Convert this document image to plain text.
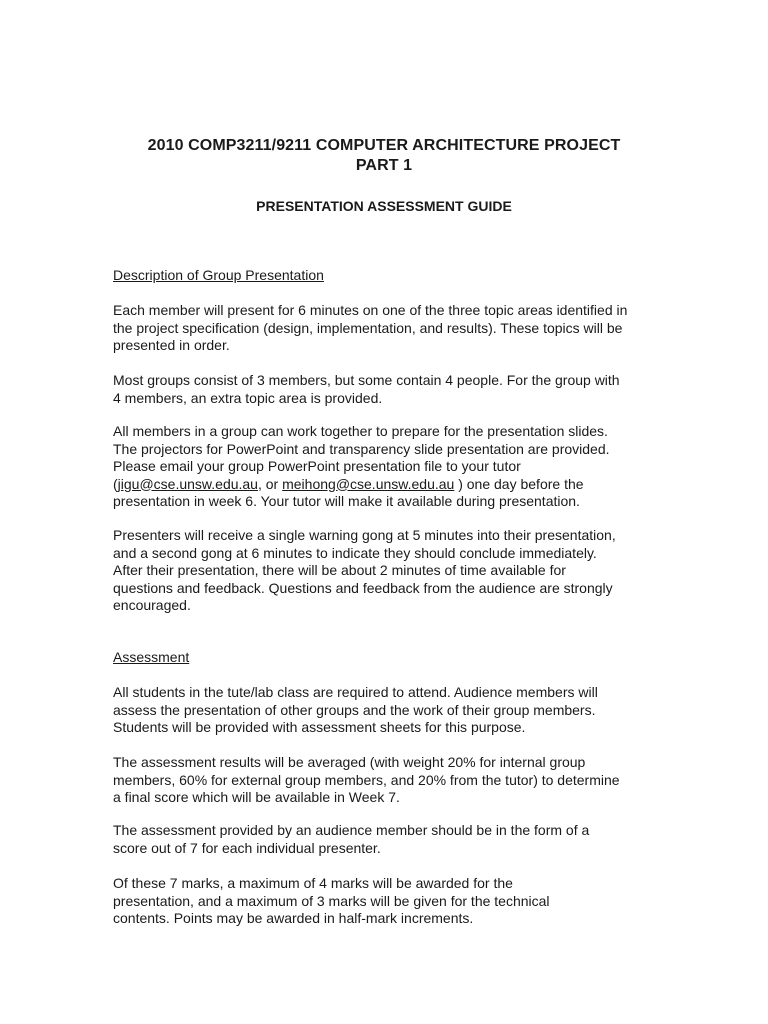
2010 COMP3211/9211 COMPUTER ARCHITECTURE PROJECT
PART 1
PRESENTATION ASSESSMENT GUIDE
Description of Group Presentation
Each member will present for 6 minutes on one of the three topic areas identified in
the project specification (design, implementation, and results). These topics will be
presented in order.
Most groups consist of 3 members, but some contain 4 people. For the group with
4 members, an extra topic area is provided.
All members in a group can work together to prepare for the presentation slides.
The projectors for PowerPoint and transparency slide presentation are provided.
Please email your group PowerPoint presentation file to your tutor
(jigu@cse.unsw.edu.au, or meihong@cse.unsw.edu.au ) one day before the
presentation in week 6. Your tutor will make it available during presentation.
Presenters will receive a single warning gong at 5 minutes into their presentation,
and a second gong at 6 minutes to indicate they should conclude immediately.
After their presentation, there will be about 2 minutes of time available for
questions and feedback. Questions and feedback from the audience are strongly
encouraged.
Assessment
All students in the tute/lab class are required to attend. Audience members will
assess the presentation of other groups and the work of their group members.
Students will be provided with assessment sheets for this purpose.
The assessment results will be averaged (with weight 20% for internal group
members, 60% for external group members, and 20% from the tutor) to determine
a final score which will be available in Week 7.
The assessment provided by an audience member should be in the form of a
score out of 7 for each individual presenter.
Of these 7 marks, a maximum of 4 marks will be awarded for the
presentation, and a maximum of 3 marks will be given for the technical
contents. Points may be awarded in half-mark increments.
